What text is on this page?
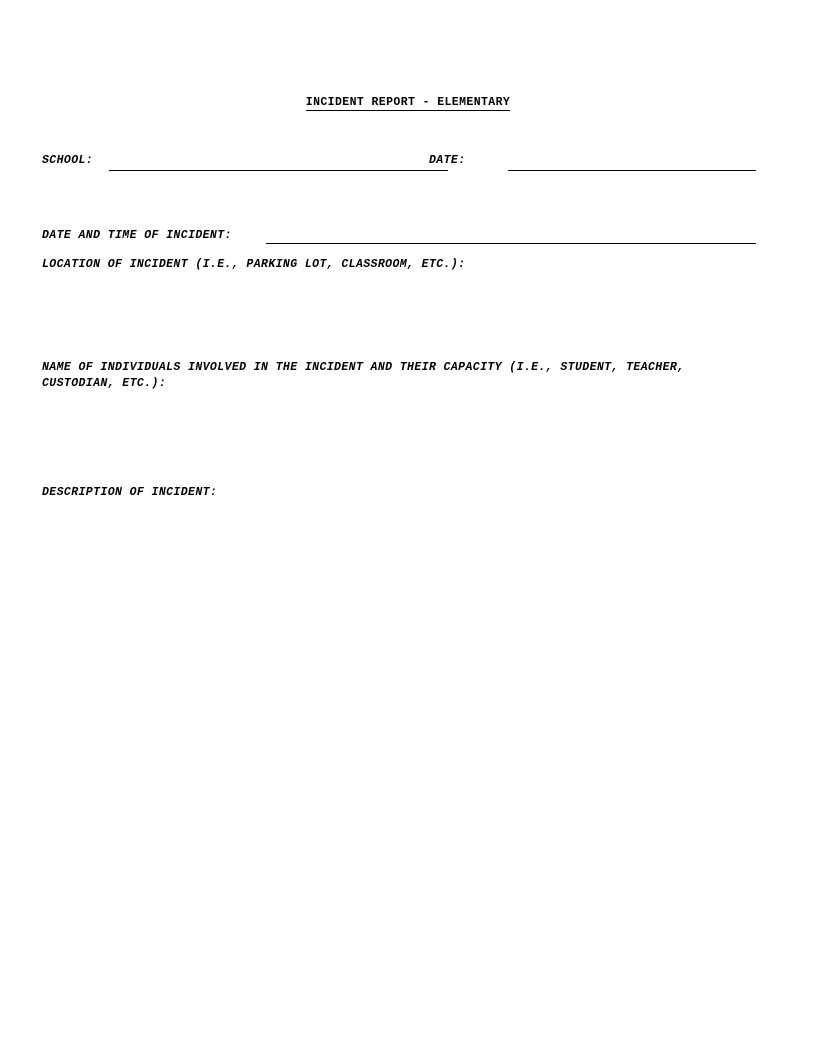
INCIDENT REPORT - ELEMENTARY
SCHOOL:	DATE:
DATE AND TIME OF INCIDENT:
LOCATION OF INCIDENT (I.E., PARKING LOT, CLASSROOM, ETC.):
NAME OF INDIVIDUALS INVOLVED IN THE INCIDENT AND THEIR CAPACITY (I.E., STUDENT, TEACHER, CUSTODIAN, ETC.):
DESCRIPTION OF INCIDENT:
